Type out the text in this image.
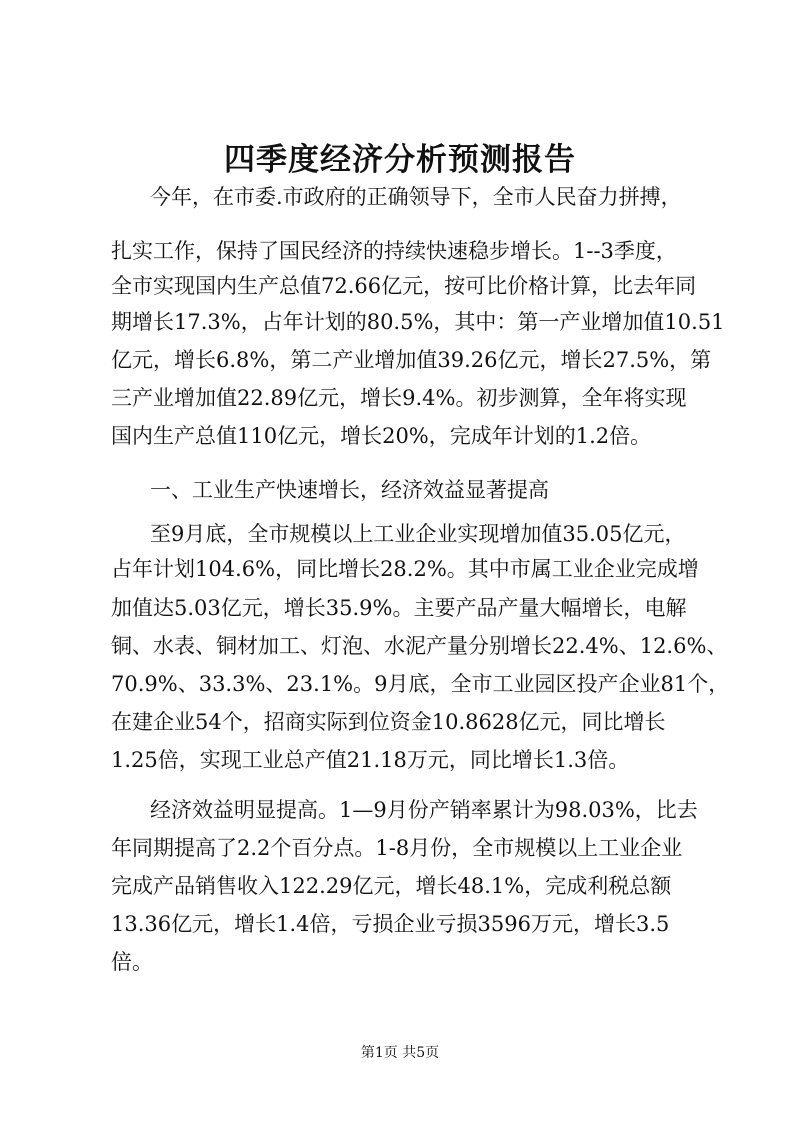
四季度经济分析预测报告
今年，在市委.市政府的正确领导下，全市人民奋力拼搏，
扎实工作，保持了国民经济的持续快速稳步增长。1--3季度，
全市实现国内生产总值72.66亿元，按可比价格计算，比去年同
期增长17.3%，占年计划的80.5%，其中：第一产业增加值10.51
亿元，增长6.8%，第二产业增加值39.26亿元，增长27.5%，第
三产业增加值22.89亿元，增长9.4%。初步测算，全年将实现
国内生产总值110亿元，增长20%，完成年计划的1.2倍。
一、工业生产快速增长，经济效益显著提高
至9月底，全市规模以上工业企业实现增加值35.05亿元，
占年计划104.6%，同比增长28.2%。其中市属工业企业完成增
加值达5.03亿元，增长35.9%。主要产品产量大幅增长，电解
铜、水表、铜材加工、灯泡、水泥产量分别增长22.4%、12.6%、
70.9%、33.3%、23.1%。9月底，全市工业园区投产企业81个，
在建企业54个，招商实际到位资金10.8628亿元，同比增长
1.25倍，实现工业总产值21.18万元，同比增长1.3倍。
经济效益明显提高。1—9月份产销率累计为98.03%，比去
年同期提高了2.2个百分点。1-8月份，全市规模以上工业企业
完成产品销售收入122.29亿元，增长48.1%，完成利税总额
13.36亿元，增长1.4倍，亏损企业亏损3596万元，增长3.5
倍。
第1页 共5页
